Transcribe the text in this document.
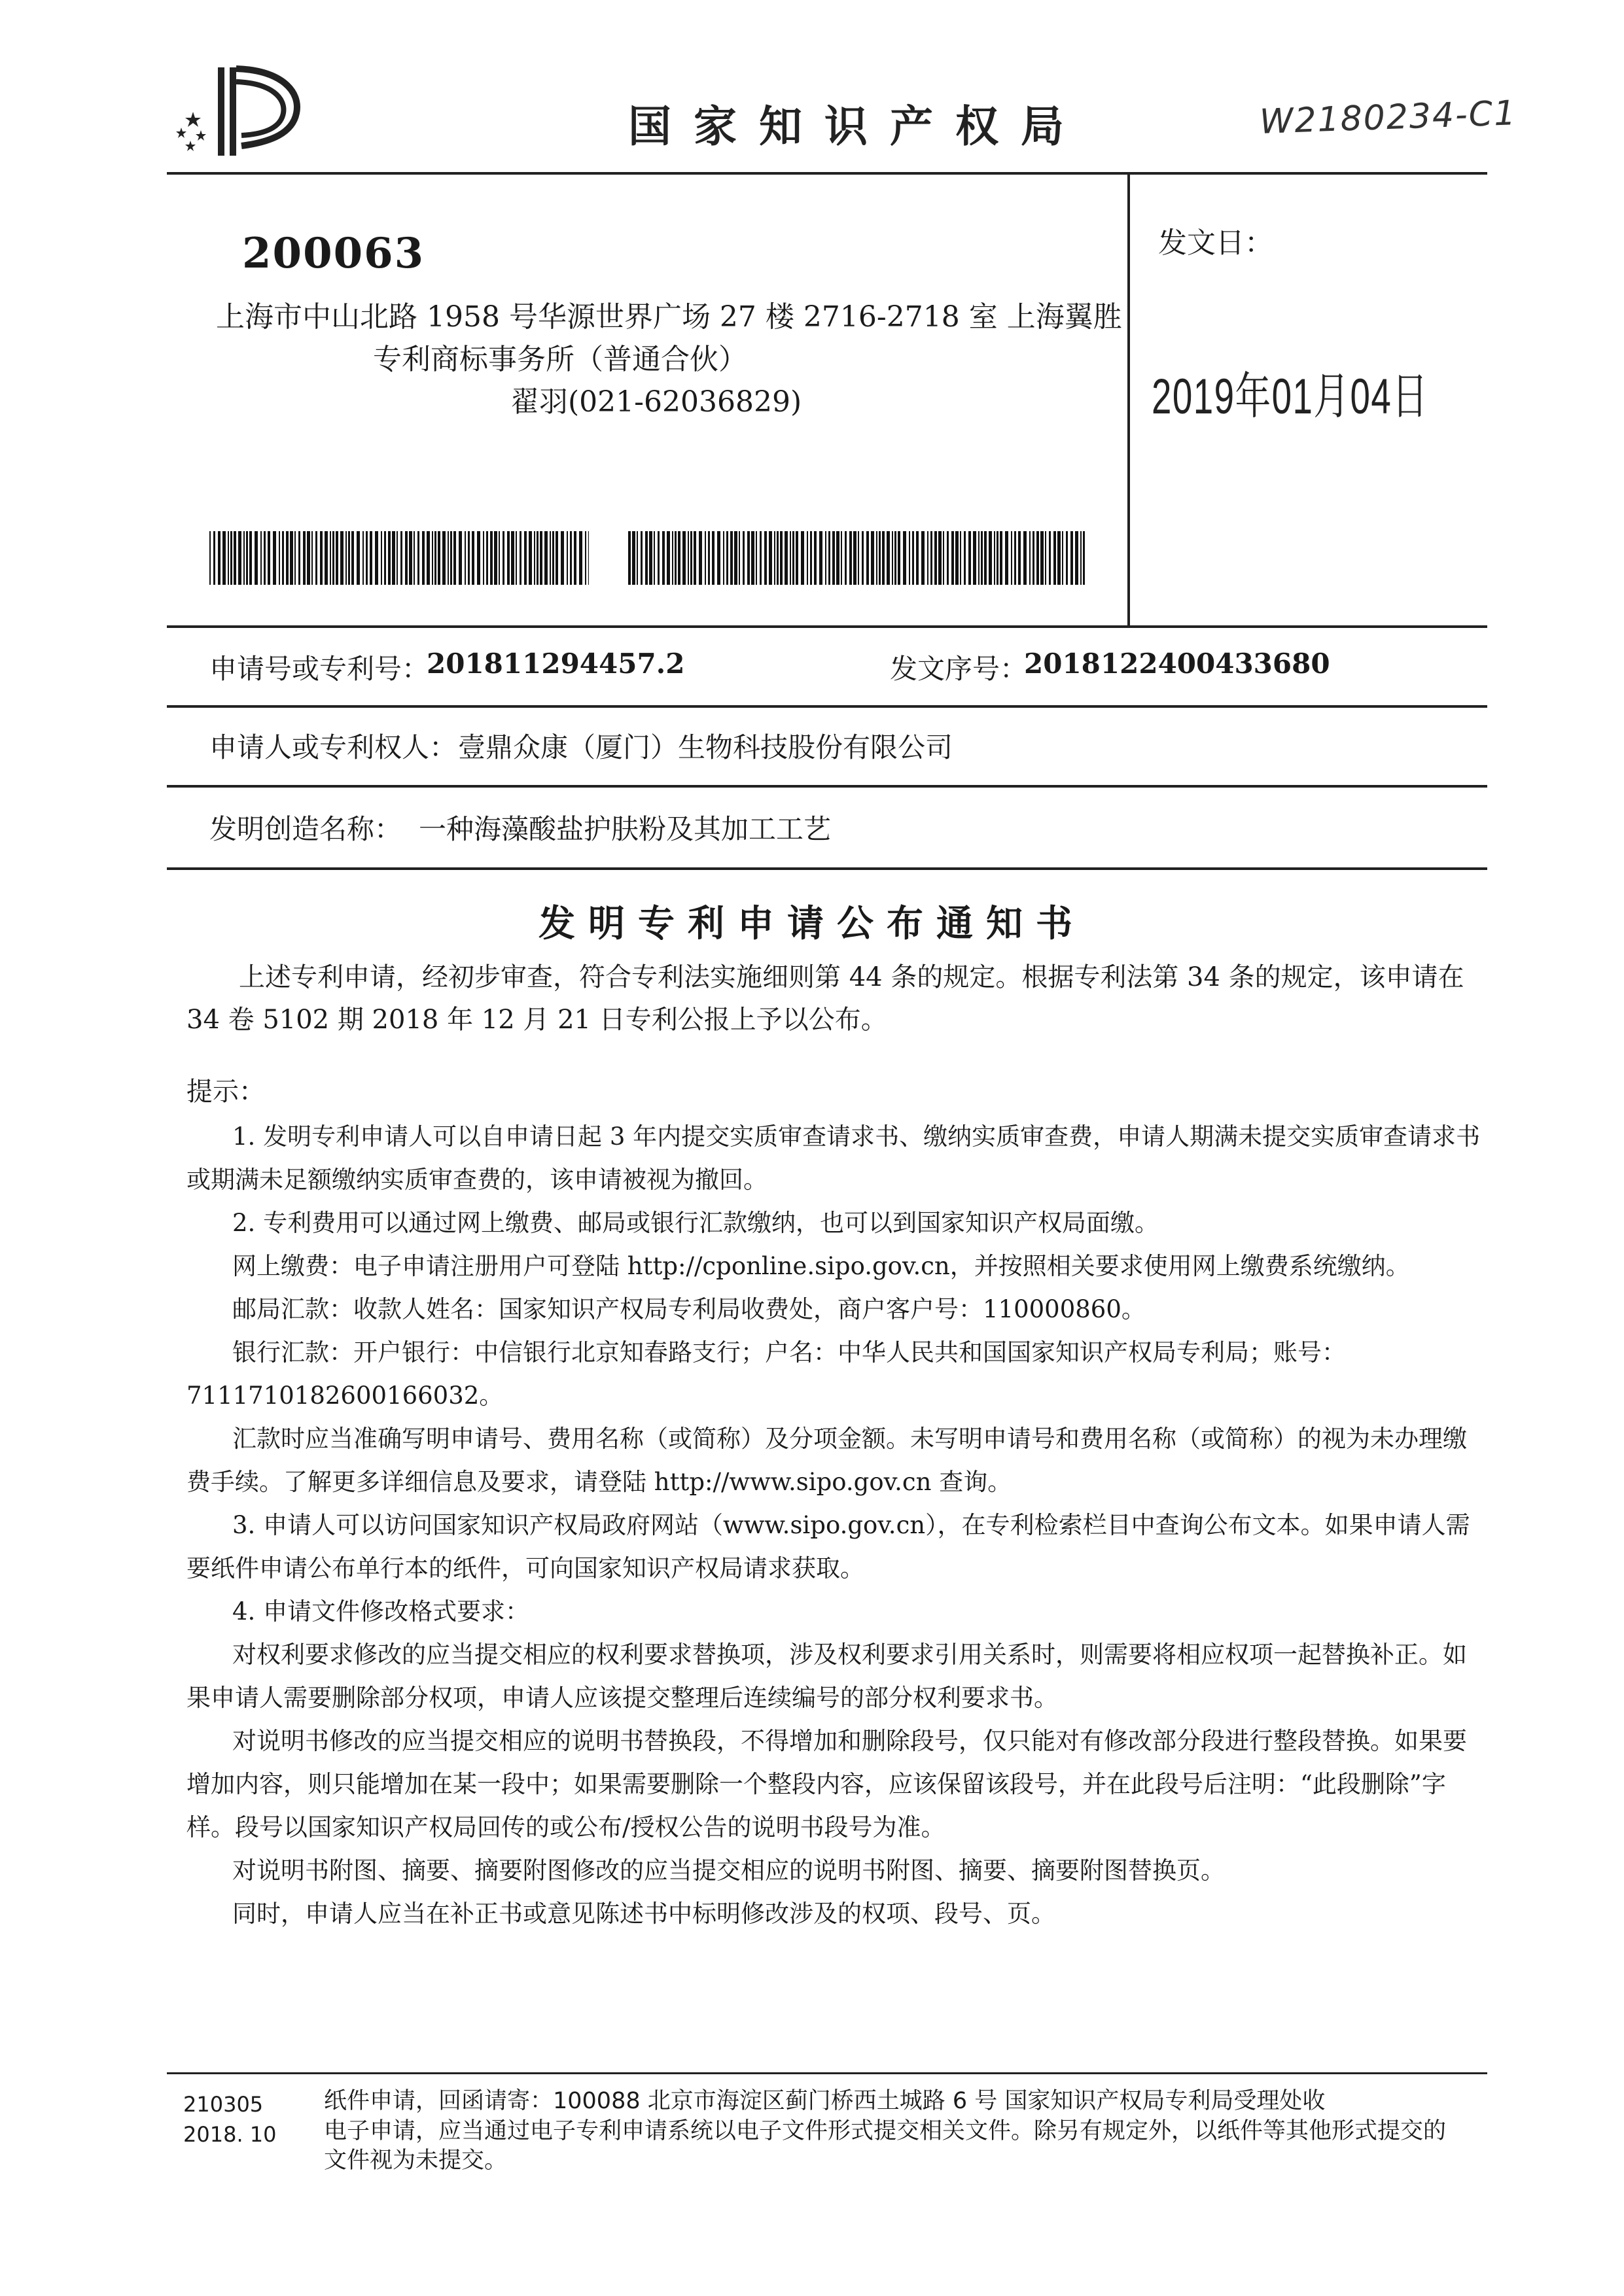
国家知识产权局	W2180234-C1
200063
上海市中山北路 1958 号华源世界广场 27 楼 2716-2718 室 上海翼胜
专利商标事务所（普通合伙）
翟羽(021-62036829)
发文日：
2019年01月04日
申请号或专利号：
201811294457.2	发文序号：
2018122400433680
申请人或专利权人： 壹鼎众康（厦门）生物科技股份有限公司
发明创造名称： 一种海藻酸盐护肤粉及其加工工艺
发明专利申请公布通知书
上述专利申请，经初步审查，符合专利法实施细则第 44 条的规定。根据专利法第 34 条的规定，该申请在 34 卷 5102 期 2018 年 12 月 21 日专利公报上予以公布。
提示：

1. 发明专利申请人可以自申请日起 3 年内提交实质审查请求书、缴纳实质审查费，申请人期满未提交实质审查请求书或期满未足额缴纳实质审查费的，该申请被视为撤回。

2. 专利费用可以通过网上缴费、邮局或银行汇款缴纳，也可以到国家知识产权局面缴。

网上缴费：电子申请注册用户可登陆 http://cponline.sipo.gov.cn，并按照相关要求使用网上缴费系统缴纳。

邮局汇款：收款人姓名：国家知识产权局专利局收费处，商户客户号：110000860。

银行汇款：开户银行：中信银行北京知春路支行；户名：中华人民共和国国家知识产权局专利局；账号：7111710182600166032。

汇款时应当准确写明申请号、费用名称（或简称）及分项金额。未写明申请号和费用名称（或简称）的视为未办理缴费手续。了解更多详细信息及要求，请登陆 http://www.sipo.gov.cn 查询。

3. 申请人可以访问国家知识产权局政府网站（www.sipo.gov.cn），在专利检索栏目中查询公布文本。如果申请人需要纸件申请公布单行本的纸件，可向国家知识产权局请求获取。

4. 申请文件修改格式要求：

对权利要求修改的应当提交相应的权利要求替换项，涉及权利要求引用关系时，则需要将相应权项一起替换补正。如果申请人需要删除部分权项，申请人应该提交整理后连续编号的部分权利要求书。

对说明书修改的应当提交相应的说明书替换段，不得增加和删除段号，仅只能对有修改部分段进行整段替换。如果要增加内容，则只能增加在某一段中；如果需要删除一个整段内容，应该保留该段号，并在此段号后注明：“此段删除”字样。段号以国家知识产权局回传的或公布/授权公告的说明书段号为准。

对说明书附图、摘要、摘要附图修改的应当提交相应的说明书附图、摘要、摘要附图替换页。

同时，申请人应当在补正书或意见陈述书中标明修改涉及的权项、段号、页。

210305
2018. 10
纸件申请，回函请寄：100088 北京市海淀区蓟门桥西土城路 6 号 国家知识产权局专利局受理处收
电子申请，应当通过电子专利申请系统以电子文件形式提交相关文件。除另有规定外，以纸件等其他形式提交的
文件视为未提交。
